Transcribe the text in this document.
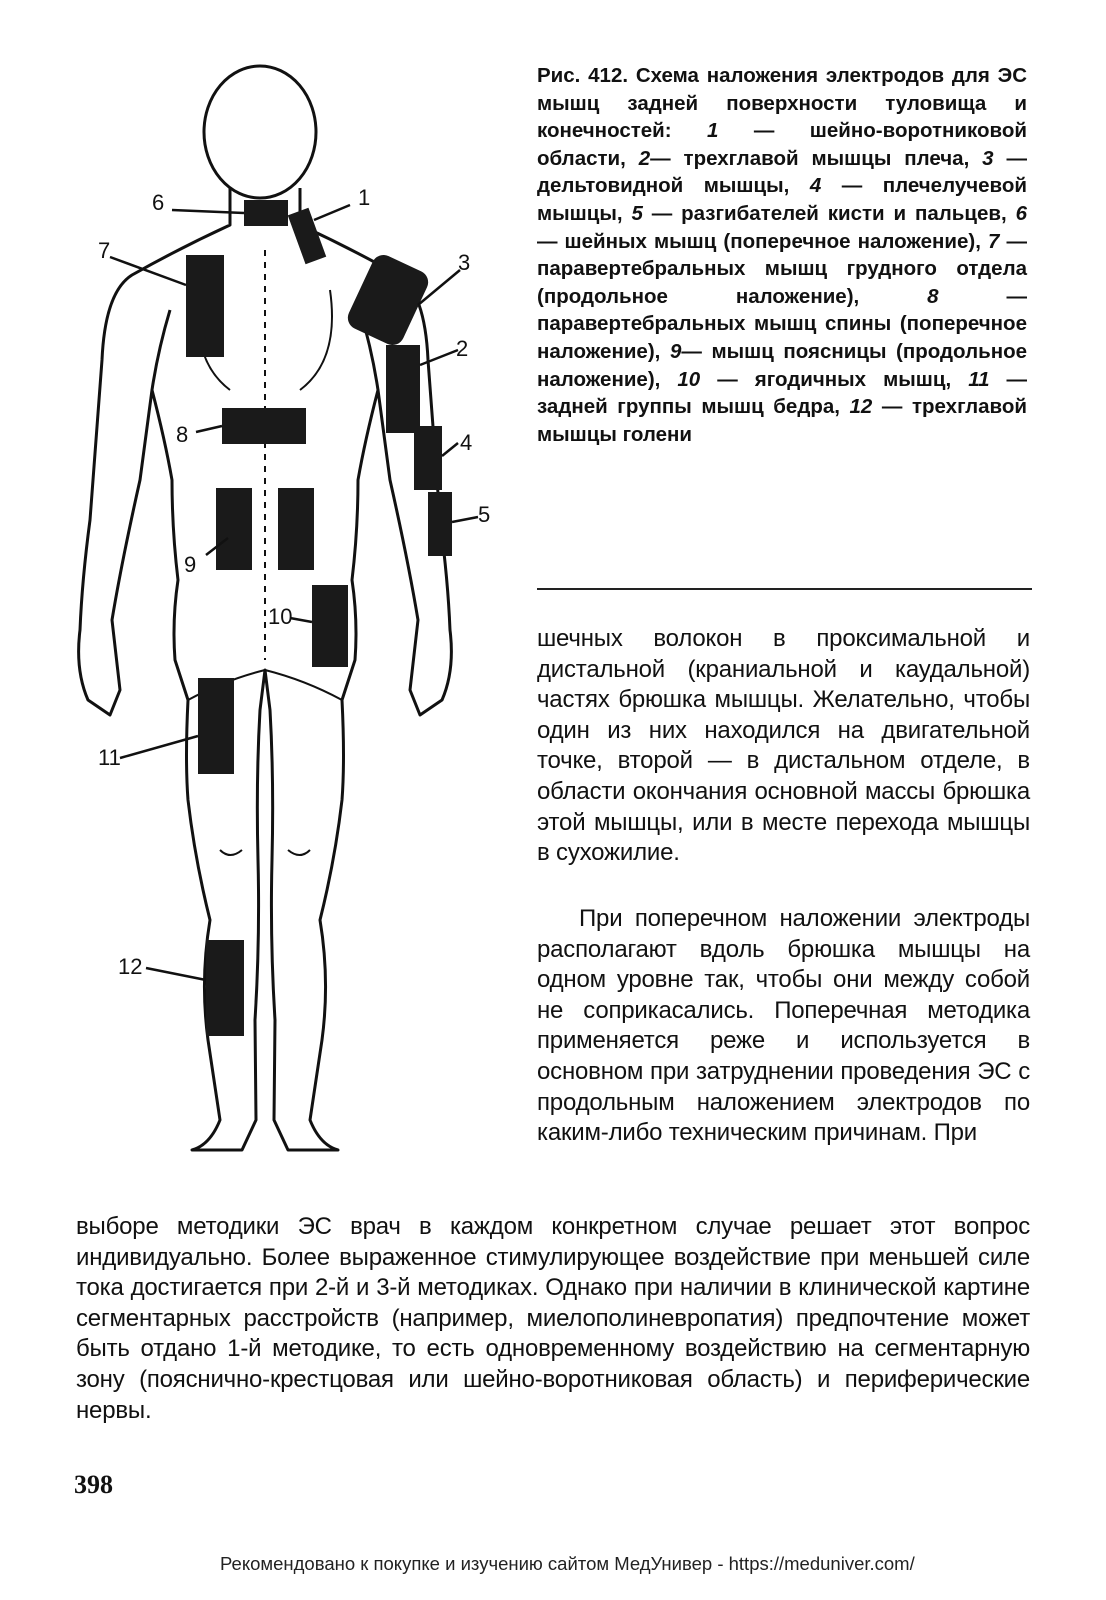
6	1
7	3
2
8	4
9
5
10
11
12
Рис. 412. Схема наложения электродов для ЭС мышц задней поверхности туловища и конечностей: 1 — шейно-воротниковой области, 2— трехглавой мышцы плеча, 3 — дельтовидной мышцы, 4 — плечелучевой мышцы, 5 — разгибателей кисти и пальцев, 6 — шейных мышц (поперечное наложение), 7 — паравертебральных мышц грудного отдела (продольное наложение),	8 — паравертебральных мышц спины (поперечное наложение), 9— мышц поясницы (продольное наложение), 10 — ягодичных мышц, 11 — задней группы мышц бедра, 12 — трехглавой мышцы голени

шечных волокон в проксимальной и дистальной (краниальной и каудальной) частях брюшка мышцы. Желательно, чтобы один из них находился на двигательной точке, второй — в дистальном отделе, в области окончания основной массы брюшка этой мышцы, или в месте перехода мышцы в сухожилие.

При поперечном наложении электроды располагают вдоль брюшка мышцы на одном уровне так, чтобы они между собой не соприкасались. Поперечная методика применяется реже и используется в основном при затруднении проведения ЭС с продольным наложением электродов по каким-либо техническим причинам. При

выборе методики ЭС врач в каждом конкретном случае решает этот вопрос индивидуально. Более выраженное стимулирующее воздействие при меньшей силе тока достигается при 2-й и 3-й методиках. Однако при наличии в клинической картине сегментарных расстройств (например, миелополиневропатия) предпочтение может быть отдано 1-й методике, то есть одновременному воздействию на сегментарную зону (пояснично-крестцовая или шейно-воротниковая область) и периферические нервы.

398
Рекомендовано к покупке и изучению сайтом МедУнивер - https://meduniver.com/
